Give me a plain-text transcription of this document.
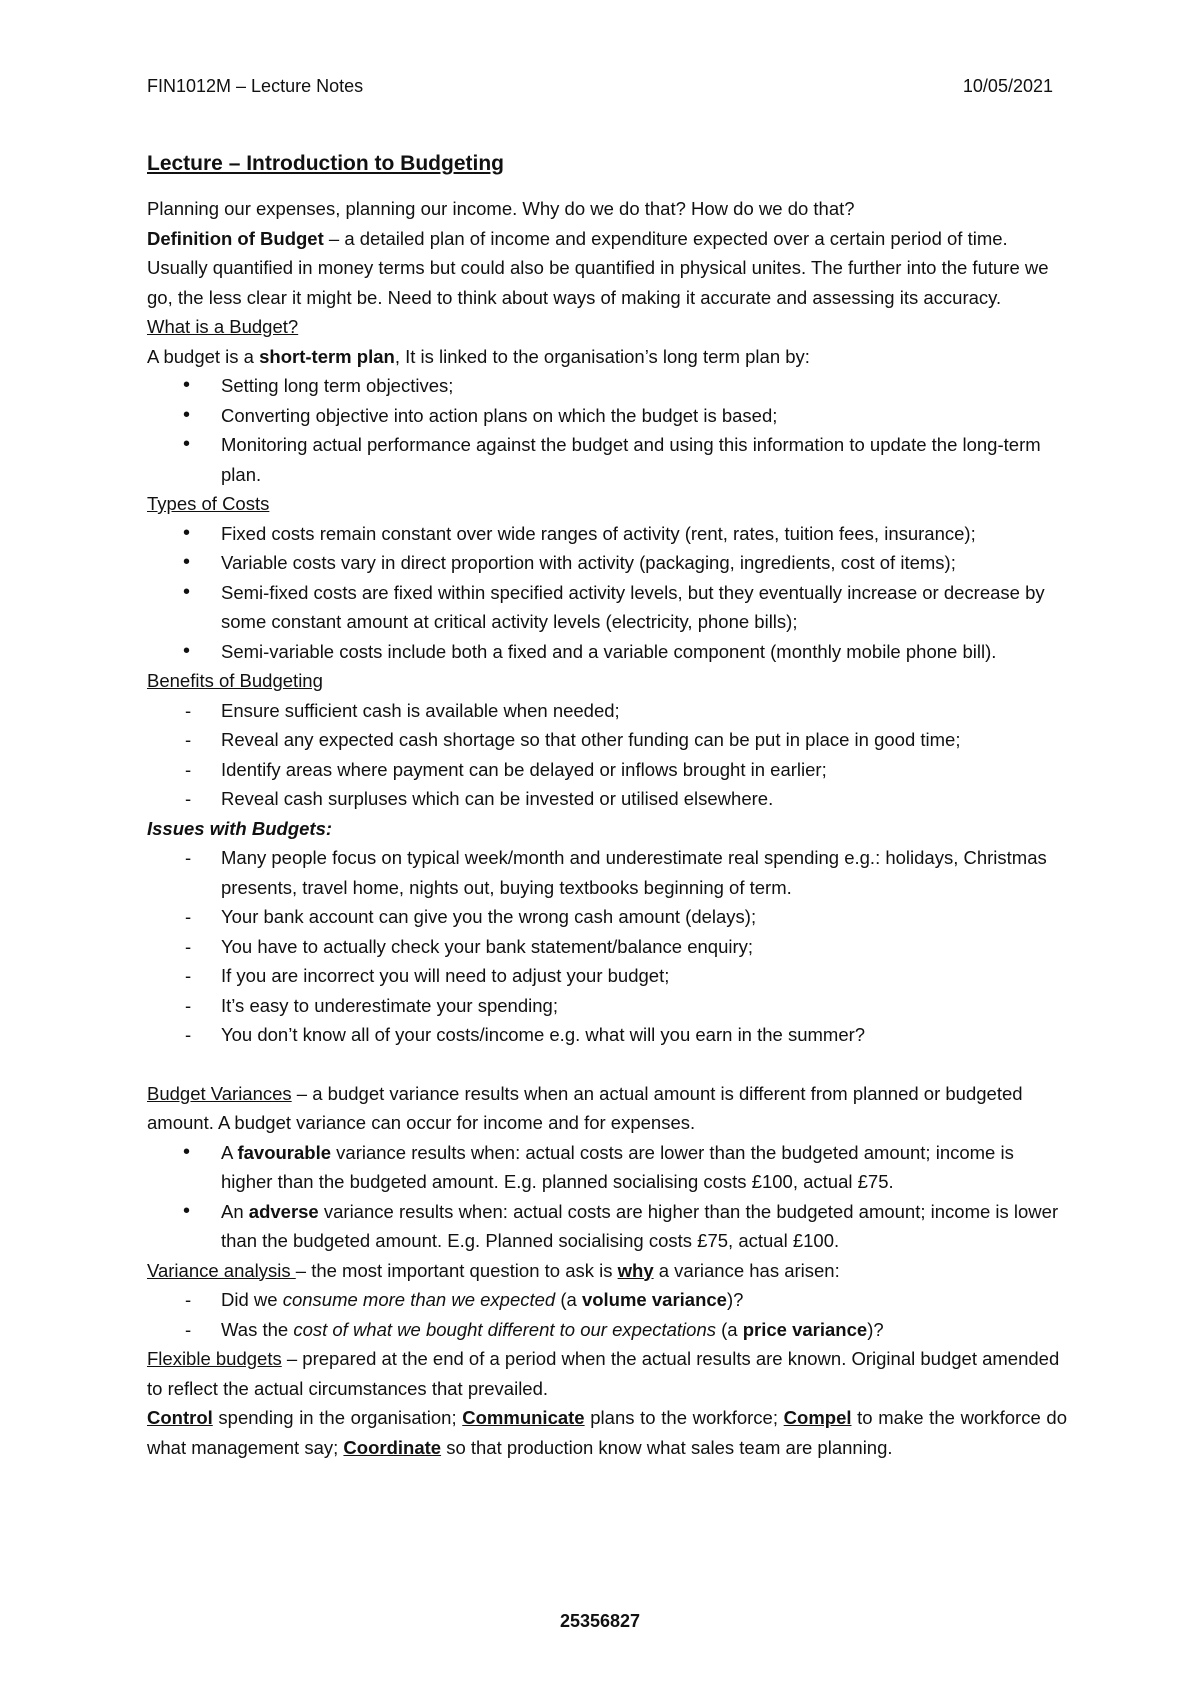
FIN1012M – Lecture Notes	10/05/2021

Lecture – Introduction to Budgeting

Planning our expenses, planning our income. Why do we do that? How do we do that?

Definition of Budget – a detailed plan of income and expenditure expected over a certain period of time. Usually quantified in money terms but could also be quantified in physical unites. The further into the future we go, the less clear it might be. Need to think about ways of making it accurate and assessing its accuracy.

What is a Budget?

A budget is a short-term plan, It is linked to the organisation’s long term plan by:

• Setting long term objectives;
• Converting objective into action plans on which the budget is based;
• Monitoring actual performance against the budget and using this information to update the long-term plan.

Types of Costs

• Fixed costs remain constant over wide ranges of activity (rent, rates, tuition fees, insurance);
• Variable costs vary in direct proportion with activity (packaging, ingredients, cost of items);
• Semi-fixed costs are fixed within specified activity levels, but they eventually increase or decrease by some constant amount at critical activity levels (electricity, phone bills);
• Semi-variable costs include both a fixed and a variable component (monthly mobile phone bill).

Benefits of Budgeting

- Ensure sufficient cash is available when needed;
- Reveal any expected cash shortage so that other funding can be put in place in good time;
- Identify areas where payment can be delayed or inflows brought in earlier;
- Reveal cash surpluses which can be invested or utilised elsewhere.

Issues with Budgets:

- Many people focus on typical week/month and underestimate real spending e.g.: holidays, Christmas presents, travel home, nights out, buying textbooks beginning of term.
- Your bank account can give you the wrong cash amount (delays);
- You have to actually check your bank statement/balance enquiry;
- If you are incorrect you will need to adjust your budget;
- It’s easy to underestimate your spending;
- You don’t know all of your costs/income e.g. what will you earn in the summer?

Budget Variances – a budget variance results when an actual amount is different from planned or budgeted amount. A budget variance can occur for income and for expenses.

• A favourable variance results when: actual costs are lower than the budgeted amount; income is higher than the budgeted amount. E.g. planned socialising costs £100, actual £75.
• An adverse variance results when: actual costs are higher than the budgeted amount; income is lower than the budgeted amount. E.g. Planned socialising costs £75, actual £100.

Variance analysis – the most important question to ask is why a variance has arisen:

- Did we consume more than we expected (a volume variance)?
- Was the cost of what we bought different to our expectations (a price variance)?

Flexible budgets – prepared at the end of a period when the actual results are known. Original budget amended to reflect the actual circumstances that prevailed.

Control spending in the organisation; Communicate plans to the workforce; Compel to make the workforce do what management say; Coordinate so that production know what sales team are planning.

25356827
